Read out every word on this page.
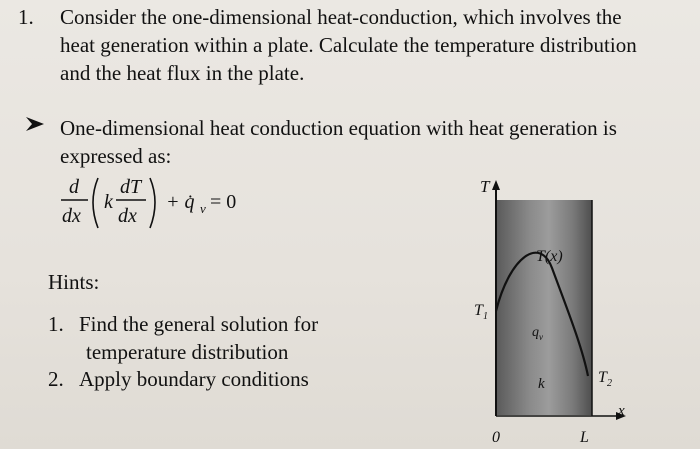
1. Consider the one-dimensional heat-conduction, which involves the
heat generation within a plate. Calculate the temperature distribution
and the heat flux in the plate.
One-dimensional heat conduction equation with heat generation is
expressed as:
d
dx
k
dT
dx
+ q̇ v = 0
Hints:
1. Find the general solution for
temperature distribution
2. Apply boundary conditions
T
T(x)
T 1
T 2
q v
k
x
0	L
